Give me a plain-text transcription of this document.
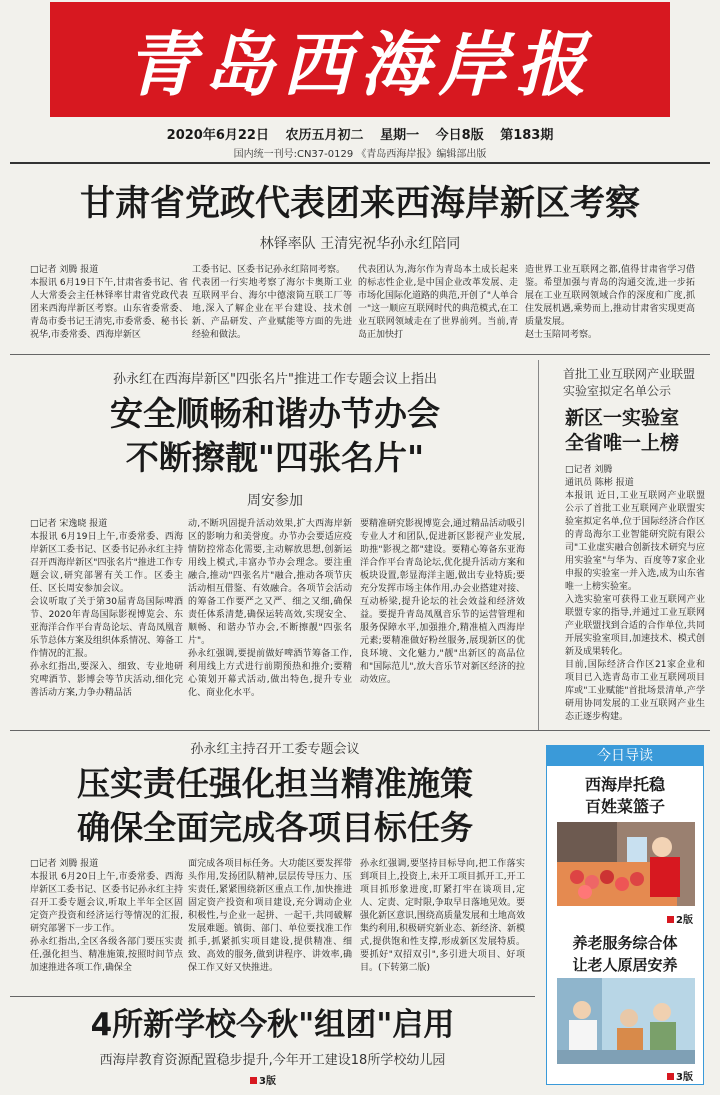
青岛西海岸报
2020年6月22日 农历五月初二 星期一 今日8版 第183期
国内统一刊号:CN37-0129 《青岛西海岸报》编辑部出版
甘肃省党政代表团来西海岸新区考察
林铎率队 王清宪祝华孙永红陪同
□记者 刘腾 报道
本报讯 6月19日下午,甘肃省委书记、省人大常委会主任林铎率甘肃省党政代表团来西海岸新区考察。山东省委常委、青岛市委书记王清宪,市委常委、秘书长祝华,市委常委、西海岸新区
工委书记、区委书记孙永红陪同考察。
代表团一行实地考察了海尔卡奥斯工业互联网平台、海尔中德滚筒互联工厂等地,深入了解企业在平台建设、技术创新、产品研发、产业赋能等方面的先进经验和做法。
代表团认为,海尔作为青岛本土成长起来的标志性企业,是中国企业改革发展、走市场化国际化道路的典范,开创了"人单合一"这一顺应互联网时代的典范模式,在工业互联网领域走在了世界前列。当前,青岛正加快打
造世界工业互联网之都,值得甘肃省学习借鉴。希望加强与青岛的沟通交流,进一步拓展在工业互联网领域合作的深度和广度,抓住发展机遇,乘势而上,推动甘肃省实现更高质量发展。
赵士玉陪同考察。
孙永红在西海岸新区"四张名片"推进工作专题会议上指出
安全顺畅和谐办节办会
不断擦靓"四张名片"
周安参加
□记者 宋逸晓 报道
本报讯 6月19日上午,市委常委、西海岸新区工委书记、区委书记孙永红主持召开西海岸新区"四张名片"推进工作专题会议,研究部署有关工作。区委主任、区长周安参加会议。
会议听取了关于第30届青岛国际啤酒节、2020年青岛国际影视博览会、东亚海洋合作平台青岛论坛、青岛凤凰音乐节总体方案及组织体系情况、筹备工作情况的汇报。
孙永红指出,要深入、细致、专业地研究啤酒节、影博会等节庆活动,细化完善活动方案,力争办精品活
动,不断巩固提升活动效果,扩大西海岸新区的影响力和美誉度。办节办会要适应疫情防控常态化需要,主动解放思想,创新运用线上模式,丰富办节办会理念。要注重融合,推动"四张名片"融合,推动各项节庆活动相互借鉴、有效融合。各项节会活动的筹备工作要严之又严、细之又细,确保责任体系清楚,确保运转高效,实现安全、顺畅、和谐办节办会,不断擦靓"四张名片"。
孙永红强调,要提前做好啤酒节筹备工作,利用线上方式进行前期预热和推介;要精心策划开幕式活动,做出特色,提升专业化、商业化水平。
要精准研究影视博览会,通过精品活动吸引专业人才和团队,促进新区影视产业发展,助推"影视之都"建设。要精心筹备东亚海洋合作平台青岛论坛,优化提升活动方案和板块设置,彰显海洋主题,做出专业特质;要充分发挥市场主体作用,办会业搭建对接、互动桥梁,提升论坛的社会效益和经济效益。要提升青岛凤凰音乐节的运营管理和服务保障水平,加强推介,精准植入西海岸元素;要精准做好粉丝服务,展现新区的优良环境、文化魅力,"靓"出新区的高品位和"国际范儿",放大音乐节对新区经济的拉动效应。
首批工业互联网产业联盟实验室拟定名单公示
新区一实验室
全省唯一上榜
□记者 刘腾
通讯员 陈彬 报道
本报讯 近日,工业互联网产业联盟公示了首批工业互联网产业联盟实验室拟定名单,位于国际经济合作区的青岛海尔工业智能研究院有限公司"工业虚实融合创新技术研究与应用实验室"与华为、百度等7家企业申报的实验室一并入选,成为山东省唯一上榜实验室。
入选实验室可获得工业互联网产业联盟专家的指导,并通过工业互联网产业联盟找到合适的合作单位,共同开展实验室项目,加速技术、模式创新及成果转化。
目前,国际经济合作区21家企业和项目已入选青岛市工业互联网项目库或"工业赋能"首批场景清单,产学研用协同发展的工业互联网产业生态正逐步构建。
孙永红主持召开工委专题会议
压实责任强化担当精准施策
确保全面完成各项目标任务
□记者 刘腾 报道
本报讯 6月20日上午,市委常委、西海岸新区工委书记、区委书记孙永红主持召开工委专题会议,听取上半年全区固定资产投资和经济运行等情况的汇报,研究部署下一步工作。
孙永红指出,全区各级各部门要压实责任,强化担当、精准施策,按照时间节点加速推进各项工作,确保全
面完成各项目标任务。大功能区要发挥带头作用,发扬团队精神,层层传导压力、压实责任,紧紧围绕新区重点工作,加快推进固定资产投资和项目建设,充分调动企业积极性,与企业一起拼、一起干,共同破解发展难题。镇街、部门、单位要找准工作抓手,抓紧抓实项目建设,提供精准、细致、高效的服务,做到讲程序、讲效率,确保工作又好又快推进。
孙永红强调,要坚持目标导向,把工作落实到项目上,投资上,未开工项目抓开工,开工项目抓形象进度,盯紧打牢在谈项目,定人、定责、定时限,争取早日落地见效。要强化新区意识,围绕高质量发展和土地高效集约利用,积极研究新业态、新经济、新模式,提供饱和性支撑,形成新区发展特质。要抓好"双招双引",多引进大项目、好项目。(下转第二版)
今日导读
西海岸托稳
百姓菜篮子
2版
养老服务综合体
让老人原居安养
3版
4所新学校今秋"组团"启用
西海岸教育资源配置稳步提升,今年开工建设18所学校幼儿园
3版
